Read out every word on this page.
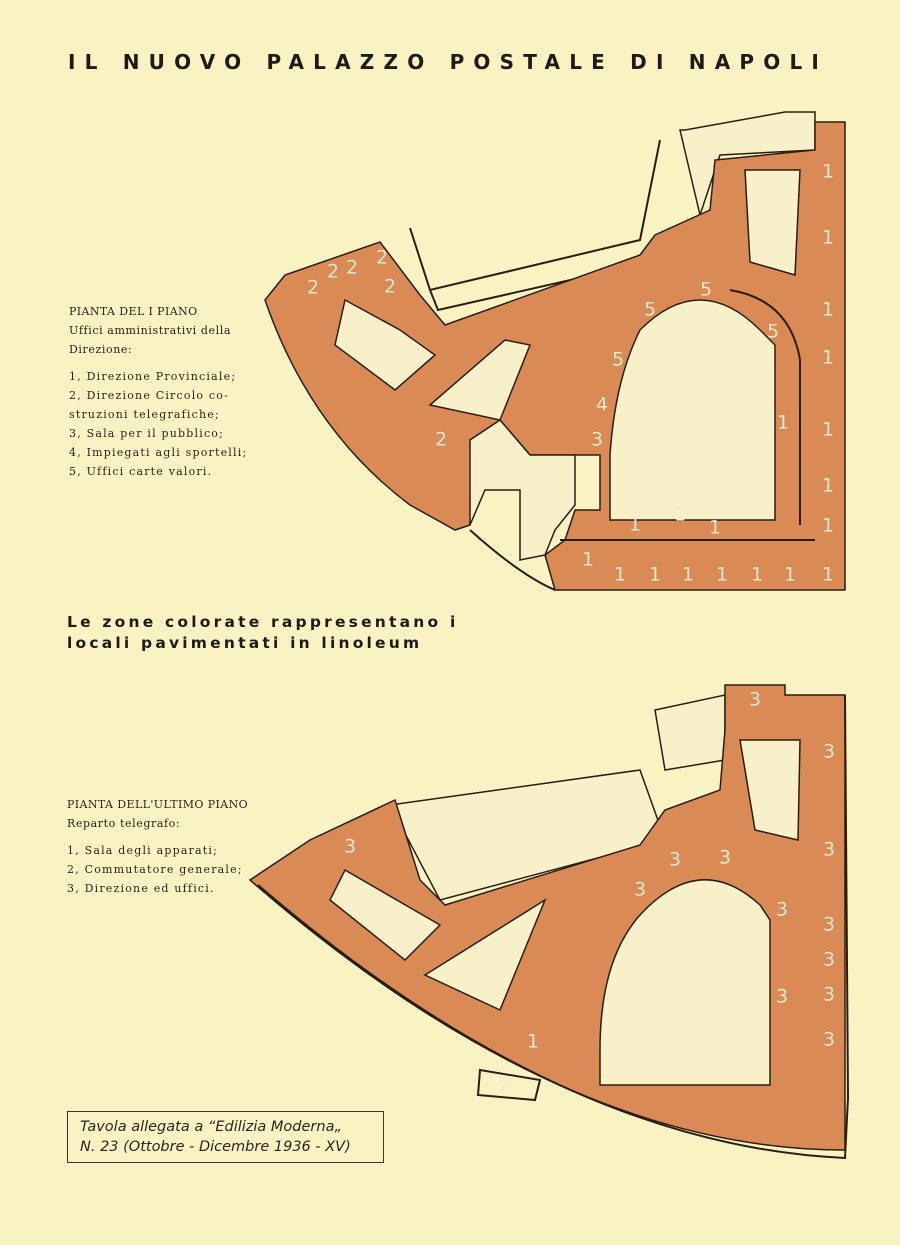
IL NUOVO PALAZZO POSTALE DI NAPOLI
1
1
1
1
1
1
1
1
1
1
1
1
1
1
1
1
1
1
1
2
2 2 2
2
2
5
5
5
5
4
3
3
3
3
3
3
3
3
3
3
3
3
3
3
1
2
PIANTA DEL I PIANO
Uffici amministrativi della Direzione:
1, Direzione Provinciale;
2, Direzione Circolo co-struzioni telegrafiche;
3, Sala per il pubblico;
4, Impiegati agli sportelli;
5, Uffici carte valori.
Le zone colorate rappresentano i
locali pavimentati in linoleum
PIANTA DELL'ULTIMO PIANO
Reparto telegrafo:
1, Sala degli apparati;
2, Commutatore generale;
3, Direzione ed uffici.
Tavola allegata a “Edilizia Moderna„
N. 23 (Ottobre - Dicembre 1936 - XV)
